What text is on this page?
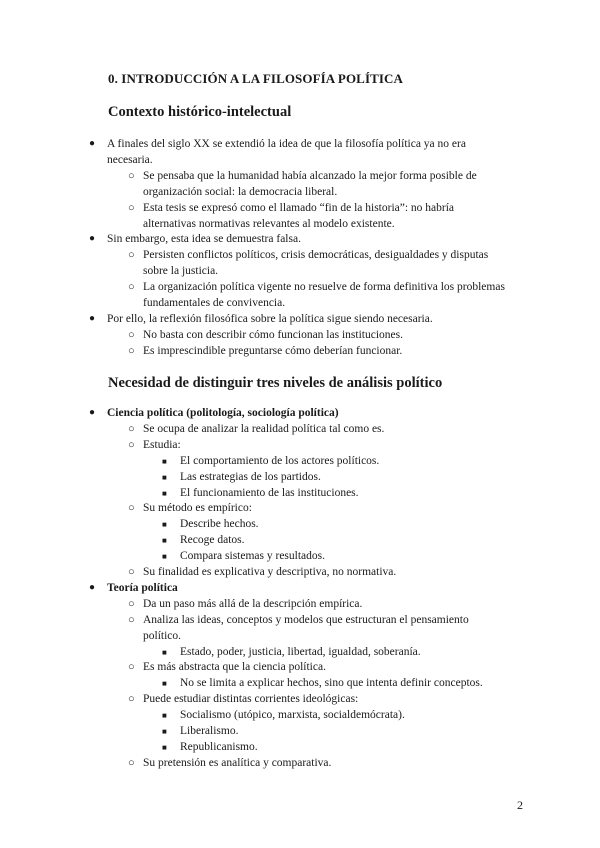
0. INTRODUCCIÓN A LA FILOSOFÍA POLÍTICA
Contexto histórico-intelectual
● A finales del siglo XX se extendió la idea de que la filosofía política ya no era
necesaria.
○ Se pensaba que la humanidad había alcanzado la mejor forma posible de
organización social: la democracia liberal.
○ Esta tesis se expresó como el llamado “fin de la historia”: no habría
alternativas normativas relevantes al modelo existente.
● Sin embargo, esta idea se demuestra falsa.
○ Persisten conflictos políticos, crisis democráticas, desigualdades y disputas
sobre la justicia.
○ La organización política vigente no resuelve de forma definitiva los problemas
fundamentales de convivencia.
● Por ello, la reflexión filosófica sobre la política sigue siendo necesaria.
○ No basta con describir cómo funcionan las instituciones.
○ Es imprescindible preguntarse cómo deberían funcionar.
Necesidad de distinguir tres niveles de análisis político
● Ciencia política (politología, sociología política)
○ Se ocupa de analizar la realidad política tal como es.
○ Estudia:
■ El comportamiento de los actores políticos.
■ Las estrategias de los partidos.
■ El funcionamiento de las instituciones.
○ Su método es empírico:
■ Describe hechos.
■ Recoge datos.
■ Compara sistemas y resultados.
○ Su finalidad es explicativa y descriptiva, no normativa.
● Teoría política
○ Da un paso más allá de la descripción empírica.
○ Analiza las ideas, conceptos y modelos que estructuran el pensamiento
político.
■ Estado, poder, justicia, libertad, igualdad, soberanía.
○ Es más abstracta que la ciencia política.
■ No se limita a explicar hechos, sino que intenta definir conceptos.
○ Puede estudiar distintas corrientes ideológicas:
■ Socialismo (utópico, marxista, socialdemócrata).
■ Liberalismo.
■ Republicanismo.
○ Su pretensión es analítica y comparativa.
2
